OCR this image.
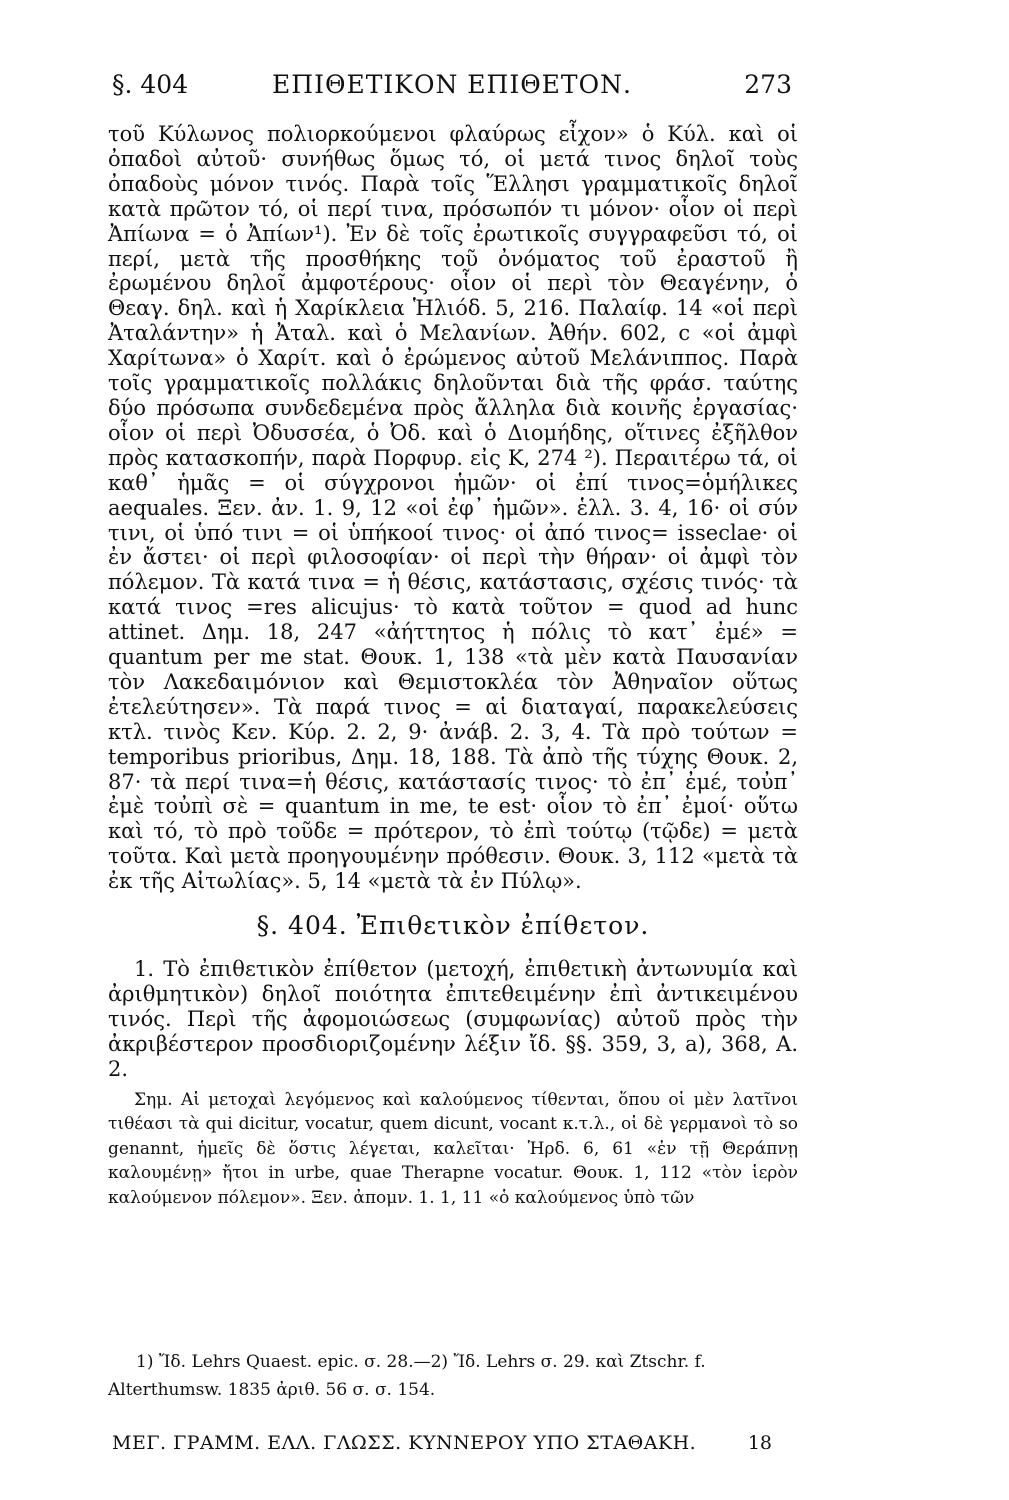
§. 404	ΕΠΙΘΕΤΙΚΟΝ ΕΠΙΘΕΤΟΝ.	273

τοῦ Κύλωνος πολιορκούμενοι φλαύρως εἶχον» ὁ Κύλ. καὶ οἱ ὀπαδοὶ αὐτοῦ· συνήθως ὅμως τό, οἱ μετά τινος δηλοῖ τοὺς ὀπαδοὺς μόνον τινός. Παρὰ τοῖς Ἕλλησι γραμματικοῖς δηλοῖ κατὰ πρῶτον τό, οἱ περί τινα, πρόσωπόν τι μόνον· οἷον οἱ περὶ Ἀπίωνα = ὁ Ἀπίων¹). Ἐν δὲ τοῖς ἐρωτικοῖς συγγραφεῦσι τό, οἱ περί, μετὰ τῆς προσθήκης τοῦ ὀνόματος τοῦ ἐραστοῦ ἢ ἐρωμένου δηλοῖ ἀμφοτέρους· οἷον οἱ περὶ τὸν Θεαγένην, ὁ Θεαγ. δηλ. καὶ ἡ Χαρίκλεια Ἡλιόδ. 5, 216. Παλαίφ. 14 «οἱ περὶ Ἀταλάντην» ἡ Ἀταλ. καὶ ὁ Μελανίων. Ἀθήν. 602, c «οἱ ἀμφὶ Χαρίτωνα» ὁ Χαρίτ. καὶ ὁ ἐρώμενος αὐτοῦ Μελάνιππος. Παρὰ τοῖς γραμματικοῖς πολλάκις δηλοῦνται διὰ τῆς φράσ. ταύτης δύο πρόσωπα συνδεδεμένα πρὸς ἄλληλα διὰ κοινῆς ἐργασίας· οἷον οἱ περὶ Ὀδυσσέα, ὁ Ὀδ. καὶ ὁ Διομήδης, οἵτινες ἐξῆλθον πρὸς κατασκοπήν, παρὰ Πορφυρ. εἰς Κ, 274 ²). Περαιτέρω τά, οἱ καθ᾽ ἡμᾶς = οἱ σύγχρονοι ἡμῶν· οἱ ἐπί τινος=ὁμήλικες aequales. Ξεν. ἀν. 1. 9, 12 «οἱ ἐφ᾽ ἡμῶν». ἑλλ. 3. 4, 16· οἱ σύν τινι, οἱ ὑπό τινι = οἱ ὑπήκοοί τινος· οἱ ἀπό τινος= isseclae· οἱ ἐν ἄστει· οἱ περὶ φιλοσοφίαν· οἱ περὶ τὴν θήραν· οἱ ἀμφὶ τὸν πόλεμον. Τὰ κατά τινα = ἡ θέσις, κατάστασις, σχέσις τινός· τὰ κατά τινος =res alicujus· τὸ κατὰ τοῦτον = quod ad hunc attinet. Δημ. 18, 247 «ἀήττητος ἡ πόλις τὸ κατ᾽ ἐμέ» = quantum per me stat. Θουκ. 1, 138 «τὰ μὲν κατὰ Παυσανίαν τὸν Λακεδαιμόνιον καὶ Θεμιστοκλέα τὸν Ἀθηναῖον οὕτως ἐτελεύτησεν». Τὰ παρά τινος = αἱ διαταγαί, παρακελεύσεις κτλ. τινὸς Κεν. Κύρ. 2. 2, 9· ἀνάβ. 2. 3, 4. Τὰ πρὸ τούτων = temporibus prioribus, Δημ. 18, 188. Τὰ ἀπὸ τῆς τύχης Θουκ. 2, 87· τὰ περί τινα=ἡ θέσις, κατάστασίς τινος· τὸ ἐπ᾽ ἐμέ, τοὐπ᾽ ἐμὲ τοὐπὶ σὲ = quantum in me, te est· οἷον τὸ ἐπ᾽ ἐμοί· οὕτω καὶ τό, τὸ πρὸ τοῦδε = πρότερον, τὸ ἐπὶ τούτῳ (τῷδε) = μετὰ τοῦτα. Καὶ μετὰ προηγουμένην πρόθεσιν. Θουκ. 3, 112 «μετὰ τὰ ἐκ τῆς Αἰτωλίας». 5, 14 «μετὰ τὰ ἐν Πύλῳ».

§. 404. Ἐπιθετικὸν ἐπίθετον.

1. Τὸ ἐπιθετικὸν ἐπίθετον (μετοχή, ἐπιθετικὴ ἀντωνυμία καὶ ἀριθμητικὸν) δηλοῖ ποιότητα ἐπιτεθειμένην ἐπὶ ἀντικειμένου τινός. Περὶ τῆς ἀφομοιώσεως (συμφωνίας) αὐτοῦ πρὸς τὴν ἀκριβέστερον προσδιοριζομένην λέξιν ἴδ. §§. 359, 3, a), 368, A. 2.

Σημ. Αἱ μετοχαὶ λεγόμενος καὶ καλούμενος τίθενται, ὅπου οἱ μὲν λατῖνοι τιθέασι τὰ qui dicitur, vocatur, quem dicunt, vocant κ.τ.λ., οἱ δὲ γερμανοὶ τὸ so genannt, ἡμεῖς δὲ ὅστις λέγεται, καλεῖται· Ἡρδ. 6, 61 «ἐν τῇ Θεράπνῃ καλουμένῃ» ἤτοι in urbe, quae Therapne vocatur. Θουκ. 1, 112 «τὸν ἱερὸν καλούμενον πόλεμον». Ξεν. ἀπομν. 1. 1, 11 «ὁ καλούμενος ὑπὸ τῶν

1) Ἴδ. Lehrs Quaest. epic. σ. 28.—2) Ἴδ. Lehrs σ. 29. καὶ Ztschr. f. Alterthumsw. 1835 ἀριθ. 56 σ. σ. 154.

ΜΕΓ. ΓΡΑΜΜ. ΕΛΛ. ΓΛΩΣΣ. ΚΥΝΝΕΡΟΥ ΥΠΟ ΣΤΑΘΑΚΗ.	18
